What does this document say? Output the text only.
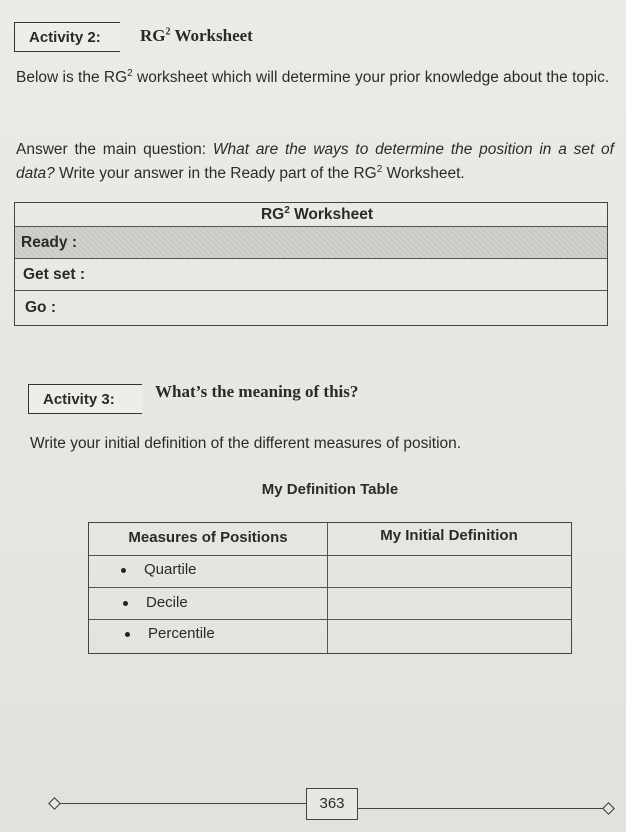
Activity 2:	$RG^2$ Worksheet
Below is the $RG^2$ worksheet which will determine your prior knowledge about the topic.
Answer the main question: What are the ways to determine the position in a set of data? Write your answer in the Ready part of the $RG^2$ Worksheet.
$RG^2$ Worksheet
Ready :
Get set :
Go :
Activity 3:	What’s the meaning of this?
Write your initial definition of the different measures of position.
My Definition Table
Measures of Positions	My Initial Definition
Quartile
Decile
Percentile
363
